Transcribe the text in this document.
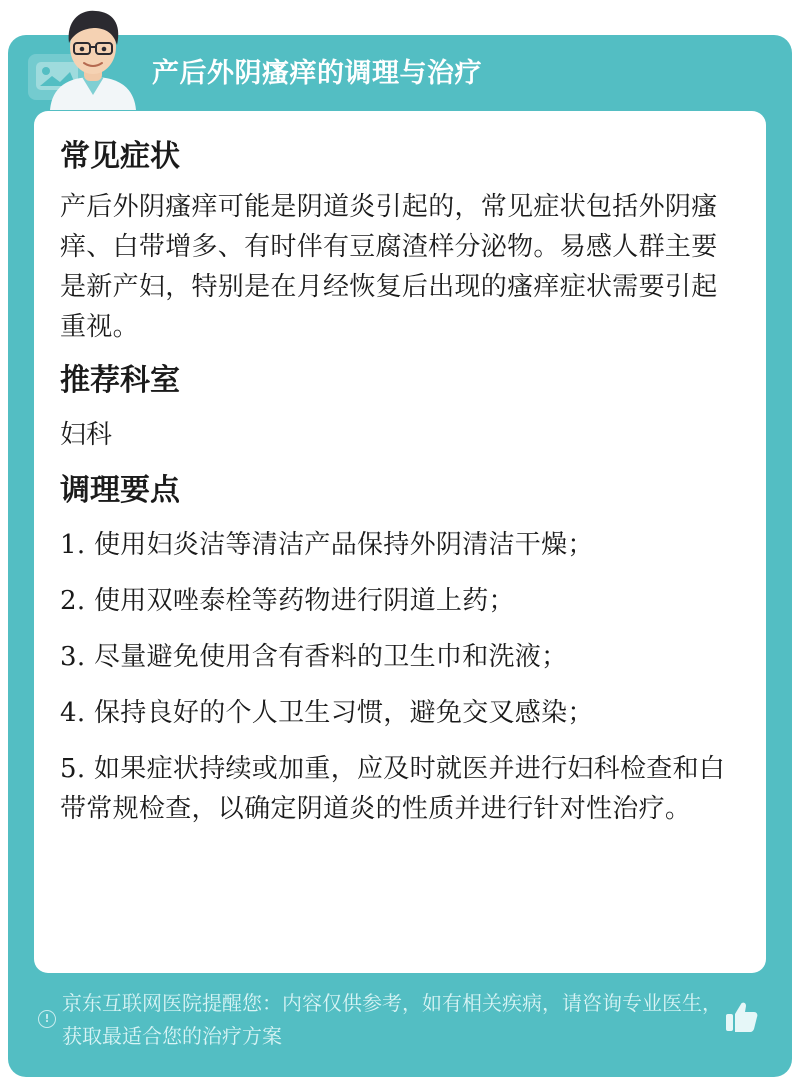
产后外阴瘙痒的调理与治疗
常见症状

产后外阴瘙痒可能是阴道炎引起的，常见症状包括外阴瘙痒、白带增多、有时伴有豆腐渣样分泌物。易感人群主要是新产妇，特别是在月经恢复后出现的瘙痒症状需要引起重视。

推荐科室

妇科

调理要点
1. 使用妇炎洁等清洁产品保持外阴清洁干燥；
2. 使用双唑泰栓等药物进行阴道上药；
3. 尽量避免使用含有香料的卫生巾和洗液；
4. 保持良好的个人卫生习惯，避免交叉感染；
5. 如果症状持续或加重，应及时就医并进行妇科检查和白带常规检查，以确定阴道炎的性质并进行针对性治疗。
!
京东互联网医院提醒您：内容仅供参考，如有相关疾病，请咨询专业医生，获取最适合您的治疗方案
